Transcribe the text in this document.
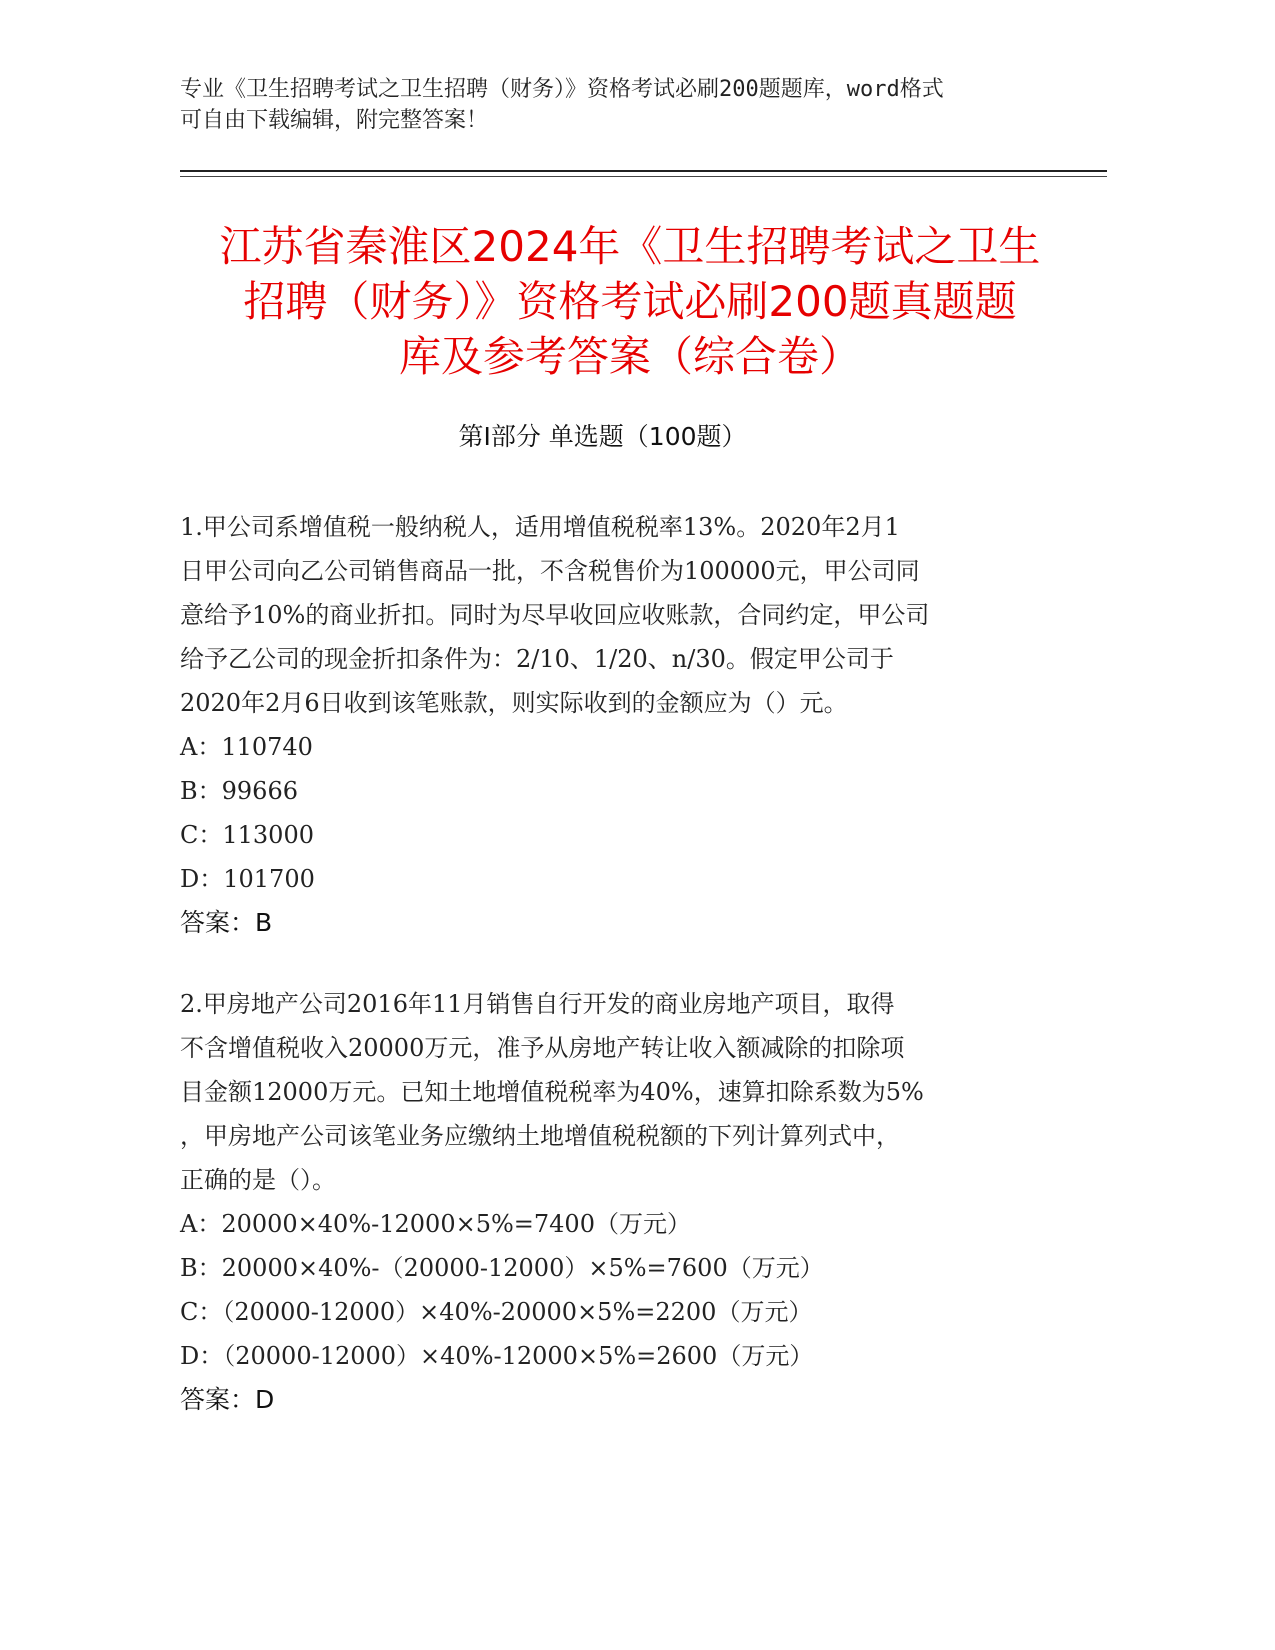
专业《卫生招聘考试之卫生招聘（财务）》资格考试必刷200题题库，word格式
可自由下载编辑，附完整答案！
江苏省秦淮区2024年《卫生招聘考试之卫生
招聘（财务）》资格考试必刷200题真题题
库及参考答案（综合卷）
第Ⅰ部分 单选题（100题）
1.甲公司系增值税一般纳税人，适用增值税税率13%。2020年2月1
日甲公司向乙公司销售商品一批，不含税售价为100000元，甲公司同
意给予10%的商业折扣。同时为尽早收回应收账款，合同约定，甲公司
给予乙公司的现金折扣条件为：2/10、1/20、n/30。假定甲公司于
2020年2月6日收到该笔账款，则实际收到的金额应为（）元。
A：110740
B：99666
C：113000
D：101700
答案：B
2.甲房地产公司2016年11月销售自行开发的商业房地产项目，取得
不含增值税收入20000万元，准予从房地产转让收入额减除的扣除项
目金额12000万元。已知土地增值税税率为40%，速算扣除系数为5%
，甲房地产公司该笔业务应缴纳土地增值税税额的下列计算列式中，
正确的是（）。
A：20000×40%-12000×5%=7400（万元）
B：20000×40%-（20000-12000）×5%=7600（万元）
C：（20000-12000）×40%-20000×5%=2200（万元）
D：（20000-12000）×40%-12000×5%=2600（万元）
答案：D
